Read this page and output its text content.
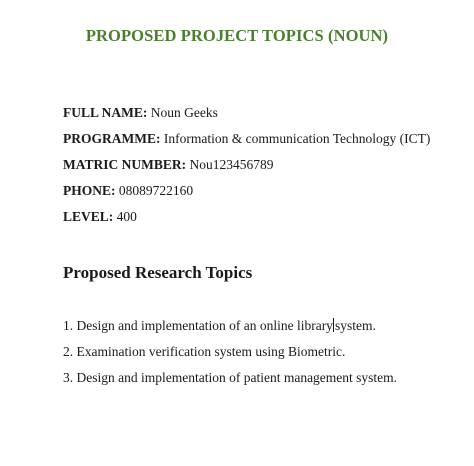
PROPOSED PROJECT TOPICS (NOUN)
FULL NAME: Noun Geeks
PROGRAMME: Information & communication Technology (ICT)
MATRIC NUMBER: Nou123456789
PHONE: 08089722160
LEVEL: 400
Proposed Research Topics
1. Design and implementation of an online library system.
2. Examination verification system using Biometric.
3. Design and implementation of patient management system.
